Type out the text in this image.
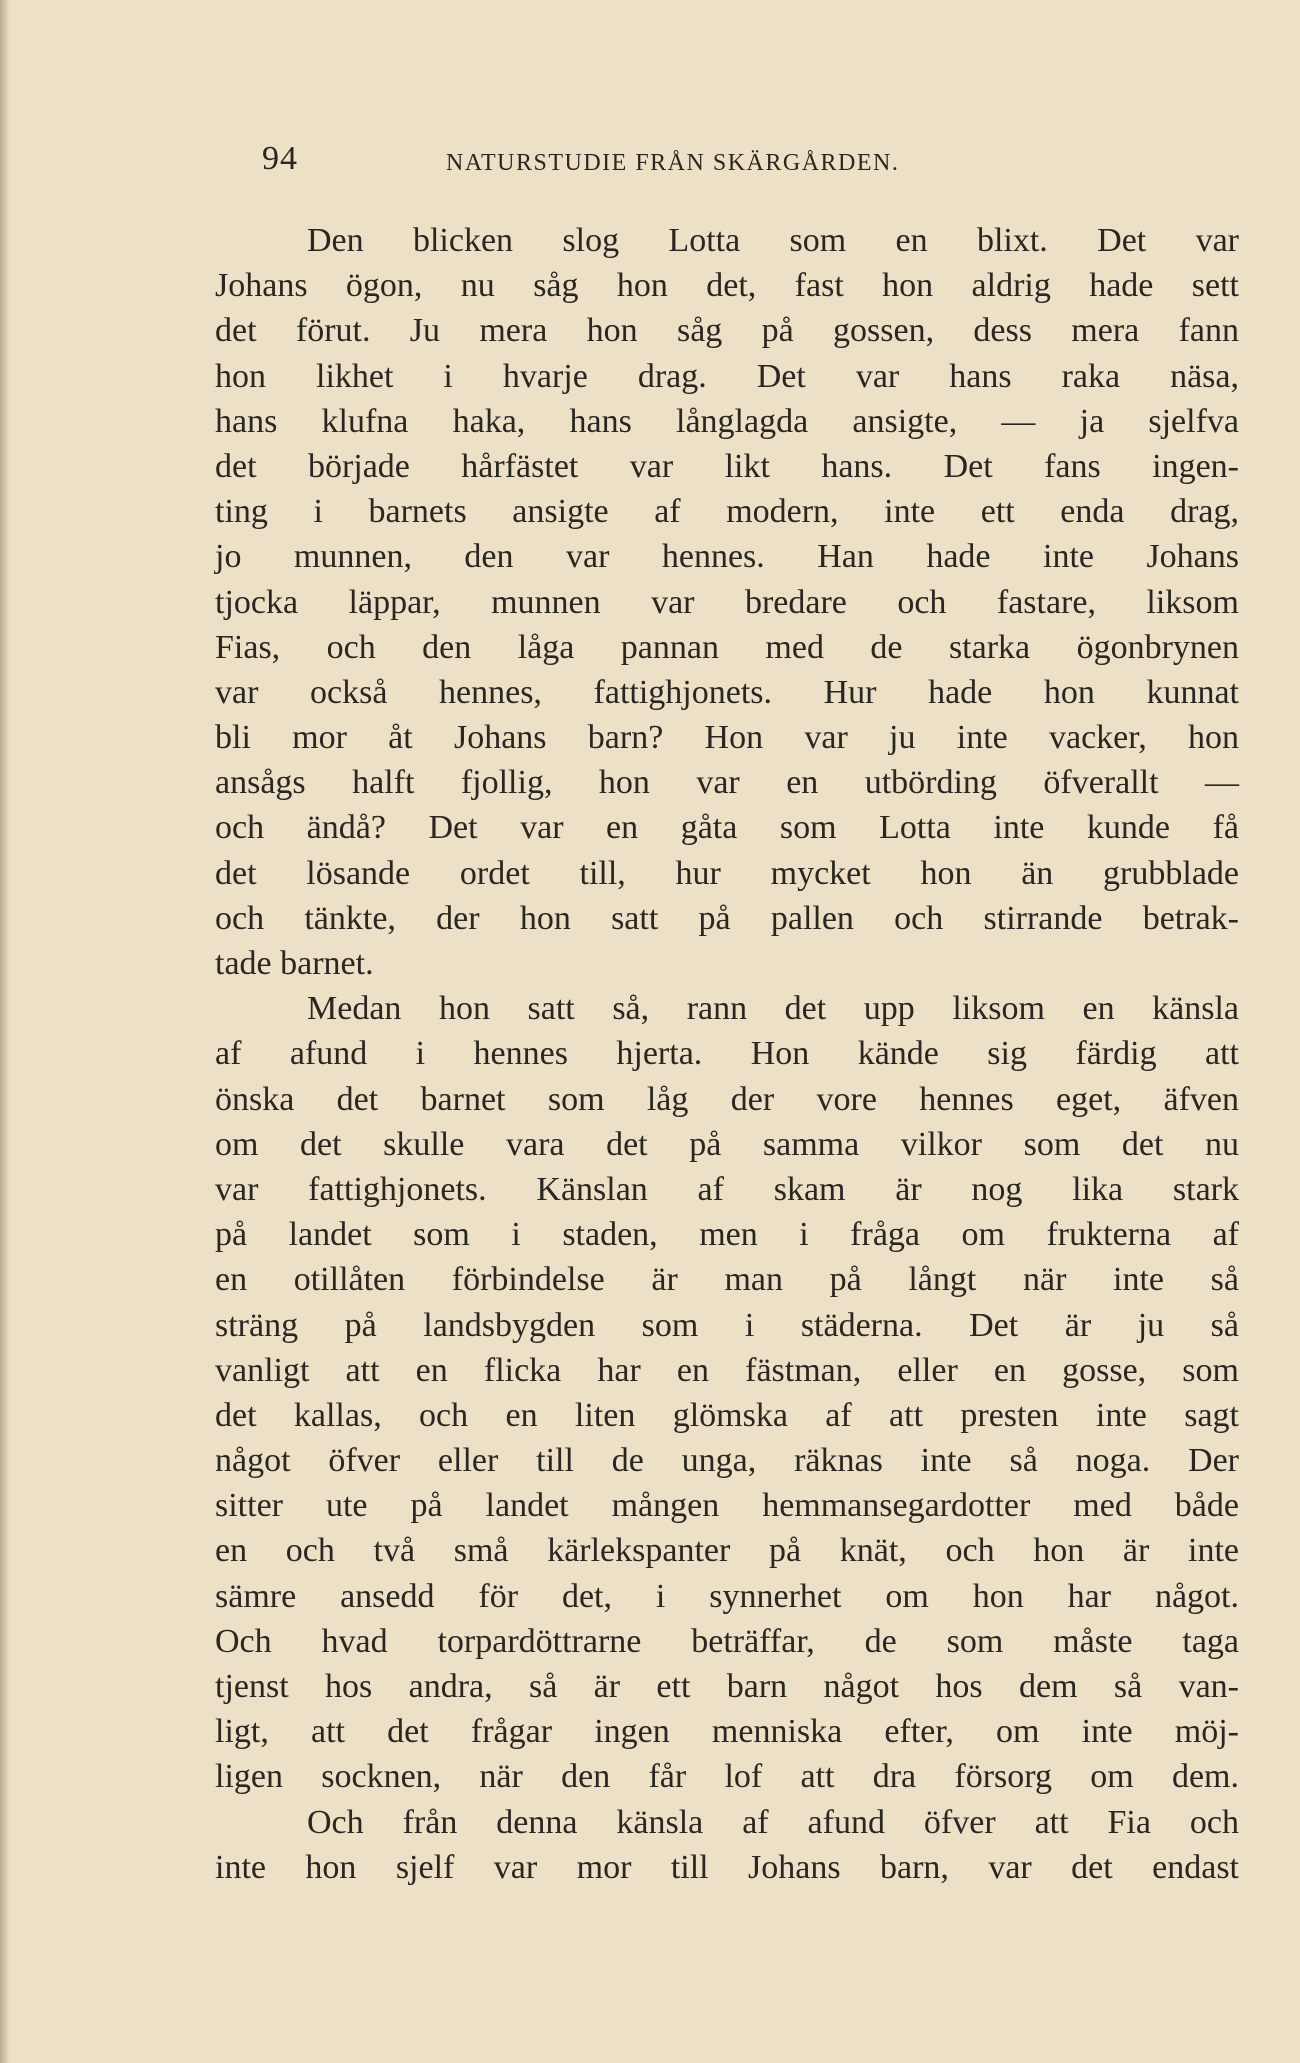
94	NATURSTUDIE FRÅN SKÄRGÅRDEN.
Den blicken slog Lotta som en blixt. Det var
Johans ögon, nu såg hon det, fast hon aldrig hade sett
det förut. Ju mera hon såg på gossen, dess mera fann
hon likhet i hvarje drag. Det var hans raka näsa,
hans klufna haka, hans långlagda ansigte, — ja sjelfva
det började hårfästet var likt hans. Det fans ingen-
ting i barnets ansigte af modern, inte ett enda drag,
jo munnen, den var hennes. Han hade inte Johans
tjocka läppar, munnen var bredare och fastare, liksom
Fias, och den låga pannan med de starka ögonbrynen
var också hennes, fattighjonets. Hur hade hon kunnat
bli mor åt Johans barn? Hon var ju inte vacker, hon
ansågs halft fjollig, hon var en utbörding öfverallt —
och ändå? Det var en gåta som Lotta inte kunde få
det lösande ordet till, hur mycket hon än grubblade
och tänkte, der hon satt på pallen och stirrande betrak-
tade barnet.
Medan hon satt så, rann det upp liksom en känsla
af afund i hennes hjerta. Hon kände sig färdig att
önska det barnet som låg der vore hennes eget, äfven
om det skulle vara det på samma vilkor som det nu
var fattighjonets. Känslan af skam är nog lika stark
på landet som i staden, men i fråga om frukterna af
en otillåten förbindelse är man på långt när inte så
sträng på landsbygden som i städerna. Det är ju så
vanligt att en flicka har en fästman, eller en gosse, som
det kallas, och en liten glömska af att presten inte sagt
något öfver eller till de unga, räknas inte så noga. Der
sitter ute på landet mången hemmansegardotter med både
en och två små kärlekspanter på knät, och hon är inte
sämre ansedd för det, i synnerhet om hon har något.
Och hvad torpardöttrarne beträffar, de som måste taga
tjenst hos andra, så är ett barn något hos dem så van-
ligt, att det frågar ingen menniska efter, om inte möj-
ligen socknen, när den får lof att dra försorg om dem.
Och från denna känsla af afund öfver att Fia och
inte hon sjelf var mor till Johans barn, var det endast
